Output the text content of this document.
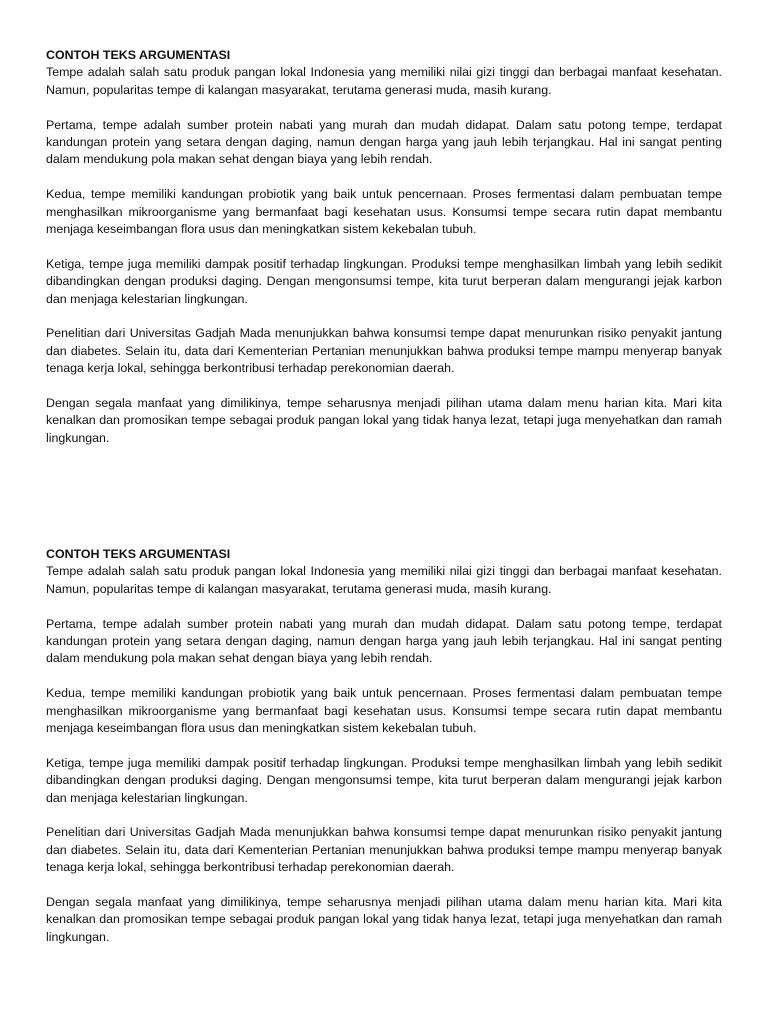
CONTOH TEKS ARGUMENTASI

Tempe adalah salah satu produk pangan lokal Indonesia yang memiliki nilai gizi tinggi dan berbagai manfaat kesehatan. Namun, popularitas tempe di kalangan masyarakat, terutama generasi muda, masih kurang.

Pertama, tempe adalah sumber protein nabati yang murah dan mudah didapat. Dalam satu potong tempe, terdapat kandungan protein yang setara dengan daging, namun dengan harga yang jauh lebih terjangkau. Hal ini sangat penting dalam mendukung pola makan sehat dengan biaya yang lebih rendah.

Kedua, tempe memiliki kandungan probiotik yang baik untuk pencernaan. Proses fermentasi dalam pembuatan tempe menghasilkan mikroorganisme yang bermanfaat bagi kesehatan usus. Konsumsi tempe secara rutin dapat membantu menjaga keseimbangan flora usus dan meningkatkan sistem kekebalan tubuh.

Ketiga, tempe juga memiliki dampak positif terhadap lingkungan. Produksi tempe menghasilkan limbah yang lebih sedikit dibandingkan dengan produksi daging. Dengan mengonsumsi tempe, kita turut berperan dalam mengurangi jejak karbon dan menjaga kelestarian lingkungan.

Penelitian dari Universitas Gadjah Mada menunjukkan bahwa konsumsi tempe dapat menurunkan risiko penyakit jantung dan diabetes. Selain itu, data dari Kementerian Pertanian menunjukkan bahwa produksi tempe mampu menyerap banyak tenaga kerja lokal, sehingga berkontribusi terhadap perekonomian daerah.

Dengan segala manfaat yang dimilikinya, tempe seharusnya menjadi pilihan utama dalam menu harian kita. Mari kita kenalkan dan promosikan tempe sebagai produk pangan lokal yang tidak hanya lezat, tetapi juga menyehatkan dan ramah lingkungan.

CONTOH TEKS ARGUMENTASI

Tempe adalah salah satu produk pangan lokal Indonesia yang memiliki nilai gizi tinggi dan berbagai manfaat kesehatan. Namun, popularitas tempe di kalangan masyarakat, terutama generasi muda, masih kurang.

Pertama, tempe adalah sumber protein nabati yang murah dan mudah didapat. Dalam satu potong tempe, terdapat kandungan protein yang setara dengan daging, namun dengan harga yang jauh lebih terjangkau. Hal ini sangat penting dalam mendukung pola makan sehat dengan biaya yang lebih rendah.

Kedua, tempe memiliki kandungan probiotik yang baik untuk pencernaan. Proses fermentasi dalam pembuatan tempe menghasilkan mikroorganisme yang bermanfaat bagi kesehatan usus. Konsumsi tempe secara rutin dapat membantu menjaga keseimbangan flora usus dan meningkatkan sistem kekebalan tubuh.

Ketiga, tempe juga memiliki dampak positif terhadap lingkungan. Produksi tempe menghasilkan limbah yang lebih sedikit dibandingkan dengan produksi daging. Dengan mengonsumsi tempe, kita turut berperan dalam mengurangi jejak karbon dan menjaga kelestarian lingkungan.

Penelitian dari Universitas Gadjah Mada menunjukkan bahwa konsumsi tempe dapat menurunkan risiko penyakit jantung dan diabetes. Selain itu, data dari Kementerian Pertanian menunjukkan bahwa produksi tempe mampu menyerap banyak tenaga kerja lokal, sehingga berkontribusi terhadap perekonomian daerah.

Dengan segala manfaat yang dimilikinya, tempe seharusnya menjadi pilihan utama dalam menu harian kita. Mari kita kenalkan dan promosikan tempe sebagai produk pangan lokal yang tidak hanya lezat, tetapi juga menyehatkan dan ramah lingkungan.
